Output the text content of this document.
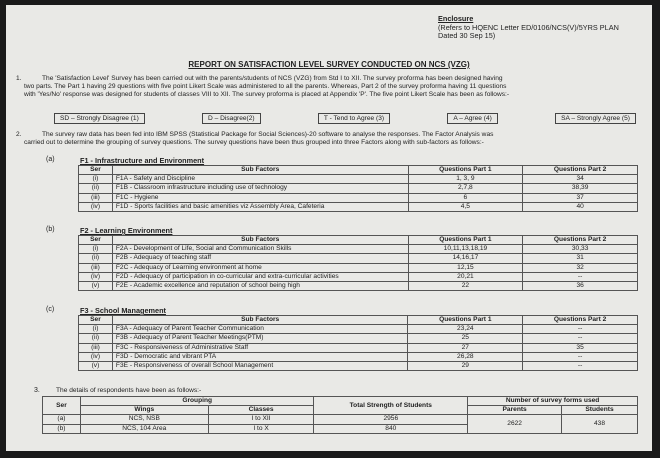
Enclosure
(Refers to HQENC Letter ED/0106/NCS(V)/5YRS PLAN
Dated 30 Sep 15)
REPORT ON SATISFACTION LEVEL SURVEY CONDUCTED ON NCS (VZG)
1.	The 'Satisfaction Level' Survey has been carried out with the parents/students of NCS (VZG) from Std I to XII. The survey proforma has been designed having
two parts. The Part 1 having 29 questions with five point Likert Scale was administered to all the parents. Whereas, Part 2 of the survey proforma having 11 questions
with 'Yes/No' response was designed for students of classes VIII to XII. The survey proforma is placed at Appendix 'P'. The five point Likert Scale has been as follows:-
SD – Strongly Disagree (1)	D – Disagree(2)	T - Tend to Agree (3)	A – Agree (4)	SA – Strongly Agree (5)
2.	The survey raw data has been fed into IBM SPSS (Statistical Package for Social Sciences)-20 software to analyse the responses. The Factor Analysis was
carried out to determine the grouping of survey questions. The survey questions have been thus grouped into three Factors along with sub-factors as follows:-
(a)	F1 - Infrastructure and Environment
Ser	Sub Factors	Questions Part 1	Questions Part 2
(i)	F1A - Safety and Discipline	1, 3, 9	34
(ii)	F1B - Classroom infrastructure including use of technology	2,7,8	38,39
(iii)	F1C - Hygiene	6	37
(iv)	F1D - Sports facilities and basic amenities viz Assembly Area, Cafeteria	4,5	40
(b)	F2 - Learning Environment
Ser	Sub Factors	Questions Part 1	Questions Part 2
(i)	F2A - Development of Life, Social and Communication Skills	10,11,13,18,19	30,33
(ii)	F2B - Adequacy of teaching staff	14,16,17	31
(iii)	F2C - Adequacy of Learning environment at home	12,15	32
(iv)	F2D - Adequacy of participation in co-curricular and extra-curricular activities	20,21	--
(v)	F2E - Academic excellence and reputation of school being high	22	36
(c)	F3 - School Management
Ser	Sub Factors	Questions Part 1	Questions Part 2
(i)	F3A - Adequacy of Parent Teacher Communication	23,24	--
(ii)	F3B - Adequacy of Parent Teacher Meetings(PTM)	25	--
(iii)	F3C - Responsiveness of Administrative Staff	27	35
(iv)	F3D - Democratic and vibrant PTA	26,28	--
(v)	F3E - Responsiveness of overall School Management	29	--
3. The details of respondents have been as follows:-
Ser	Grouping		Total Strength of Students	Number of survey forms used	
	Wings	Classes		Parents	Students
(a)	NCS, NSB	I to XII	2956	2622	438
(b)	NCS, 104 Area	I to X	840		
